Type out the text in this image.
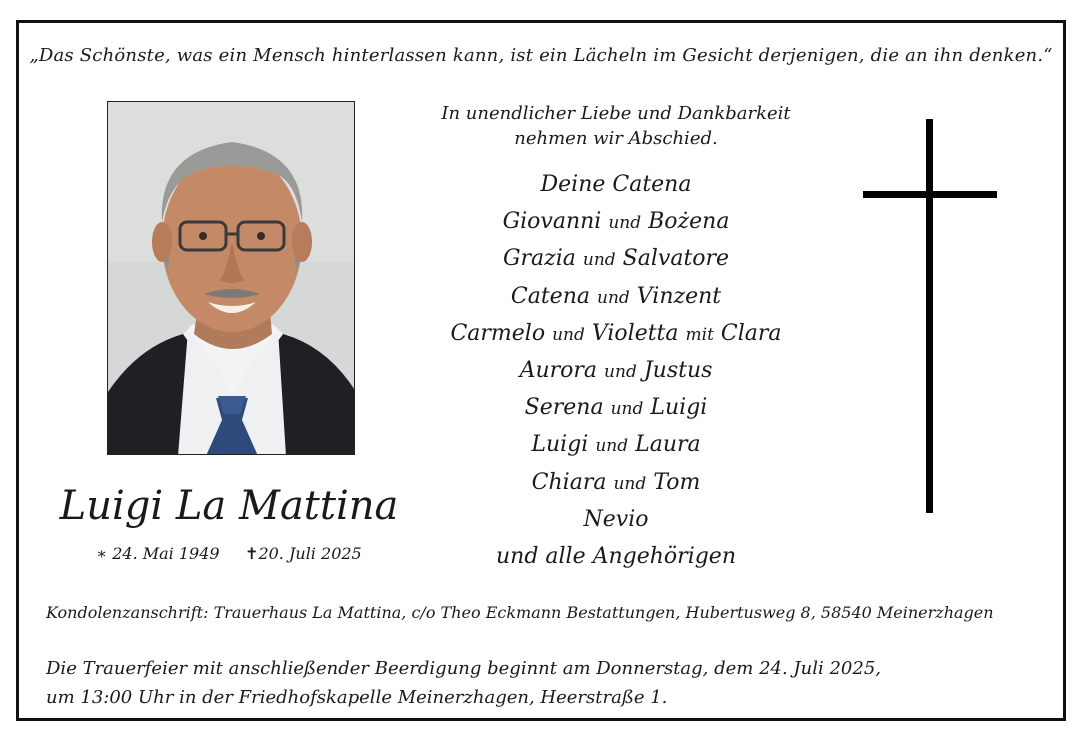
„Das Schönste, was ein Mensch hinterlassen kann, ist ein Lächeln im Gesicht derjenigen, die an ihn denken.“
Luigi La Mattina
∗ 24. Mai 1949 ✝20. Juli 2025
In unendlicher Liebe und Dankbarkeit
nehmen wir Abschied.
Deine Catena
Giovanni und Bożena
Grazia und Salvatore
Catena und Vinzent
Carmelo und Violetta mit Clara
Aurora und Justus
Serena und Luigi
Luigi und Laura
Chiara und Tom
Nevio
und alle Angehörigen
Kondolenzanschrift: Trauerhaus La Mattina, c/o Theo Eckmann Bestattungen, Hubertusweg 8, 58540 Meinerzhagen
Die Trauerfeier mit anschließender Beerdigung beginnt am Donnerstag, dem 24. Juli 2025,
um 13:00 Uhr in der Friedhofskapelle Meinerzhagen, Heerstraße 1.
